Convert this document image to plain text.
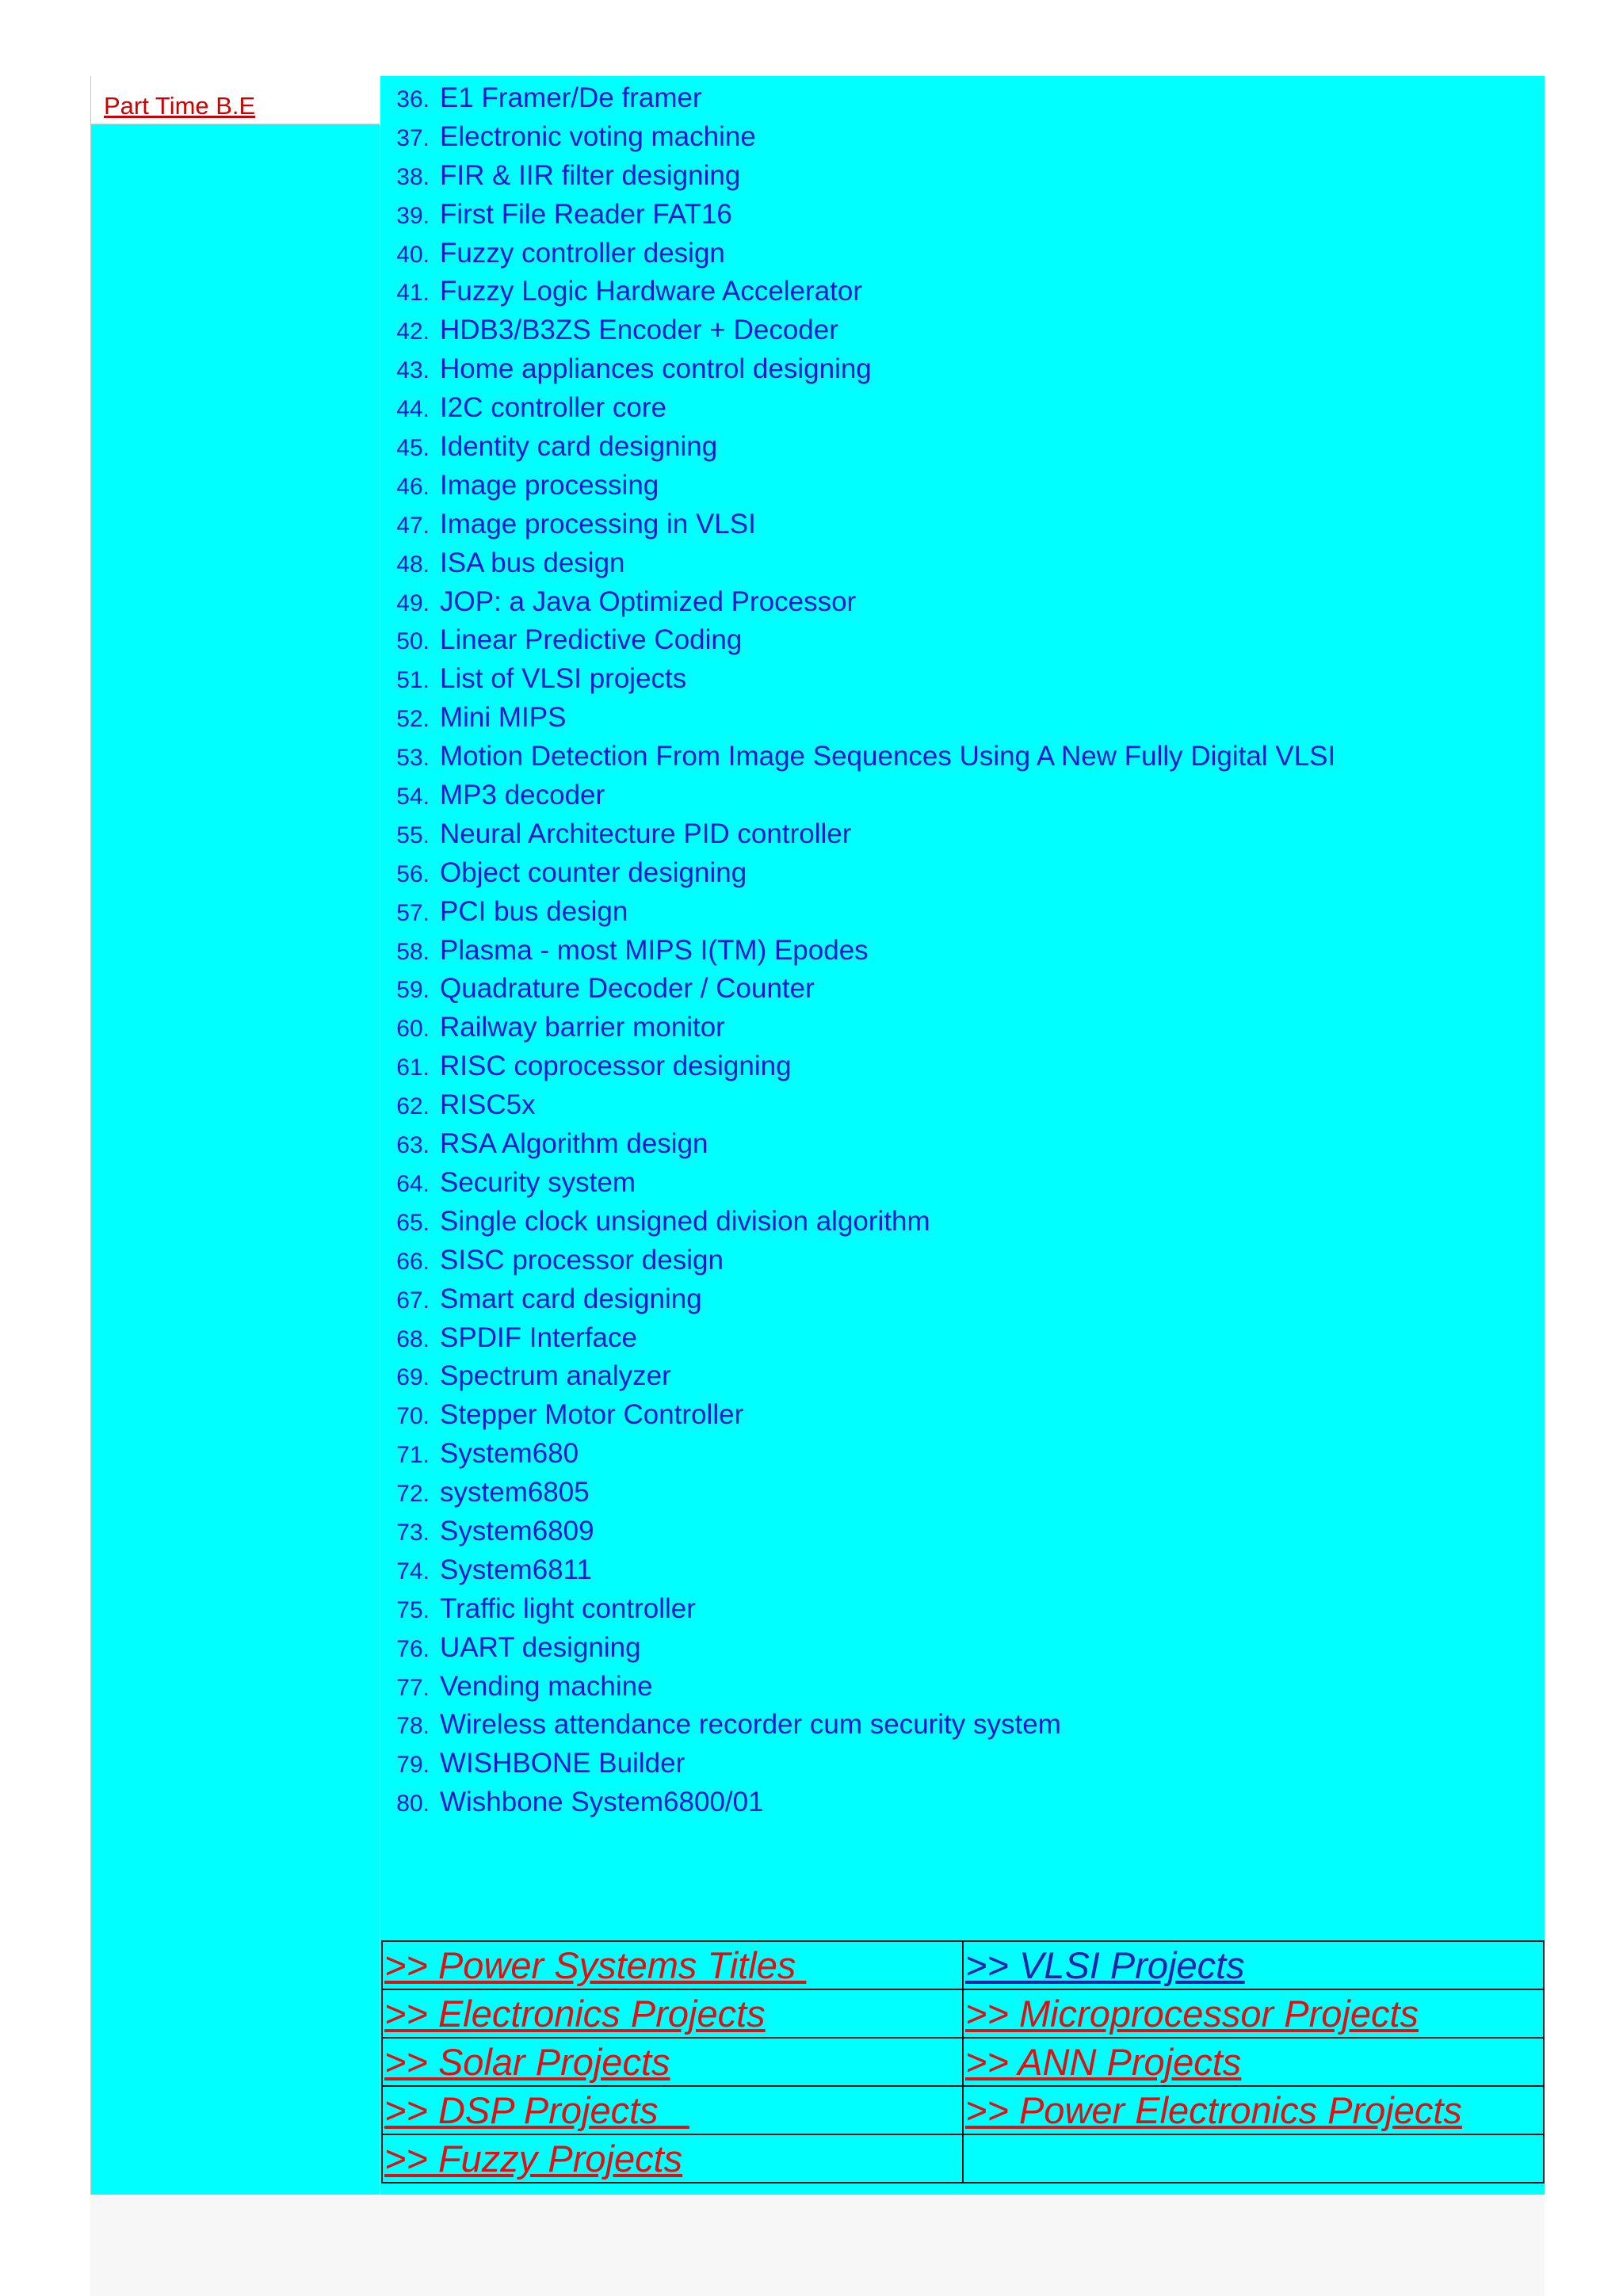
Part Time B.E	36. E1 Framer/De framer
37. Electronic voting machine
38. FIR & IIR filter designing
39. First File Reader FAT16
40. Fuzzy controller design
41. Fuzzy Logic Hardware Accelerator
42. HDB3/B3ZS Encoder + Decoder
43. Home appliances control designing
44. I2C controller core
45. Identity card designing
46. Image processing
47. Image processing in VLSI
48. ISA bus design
49. JOP: a Java Optimized Processor
50. Linear Predictive Coding
51. List of VLSI projects
52. Mini MIPS
53. Motion Detection From Image Sequences Using A New Fully Digital VLSI
54. MP3 decoder
55. Neural Architecture PID controller
56. Object counter designing
57. PCI bus design
58. Plasma - most MIPS I(TM) Epodes
59. Quadrature Decoder / Counter
60. Railway barrier monitor
61. RISC coprocessor designing
62. RISC5x
63. RSA Algorithm design
64. Security system
65. Single clock unsigned division algorithm
66. SISC processor design
67. Smart card designing
68. SPDIF Interface
69. Spectrum analyzer
70. Stepper Motor Controller
71. System680
72. system6805
73. System6809
74. System6811
75. Traffic light controller
76. UART designing
77. Vending machine
78. Wireless attendance recorder cum security system
79. WISHBONE Builder
80. Wishbone System6800/01
>> Power Systems Titles	>> VLSI Projects
>> Electronics Projects	>> Microprocessor Projects
>> Solar Projects	>> ANN Projects
>> DSP Projects	>> Power Electronics Projects
>> Fuzzy Projects	
